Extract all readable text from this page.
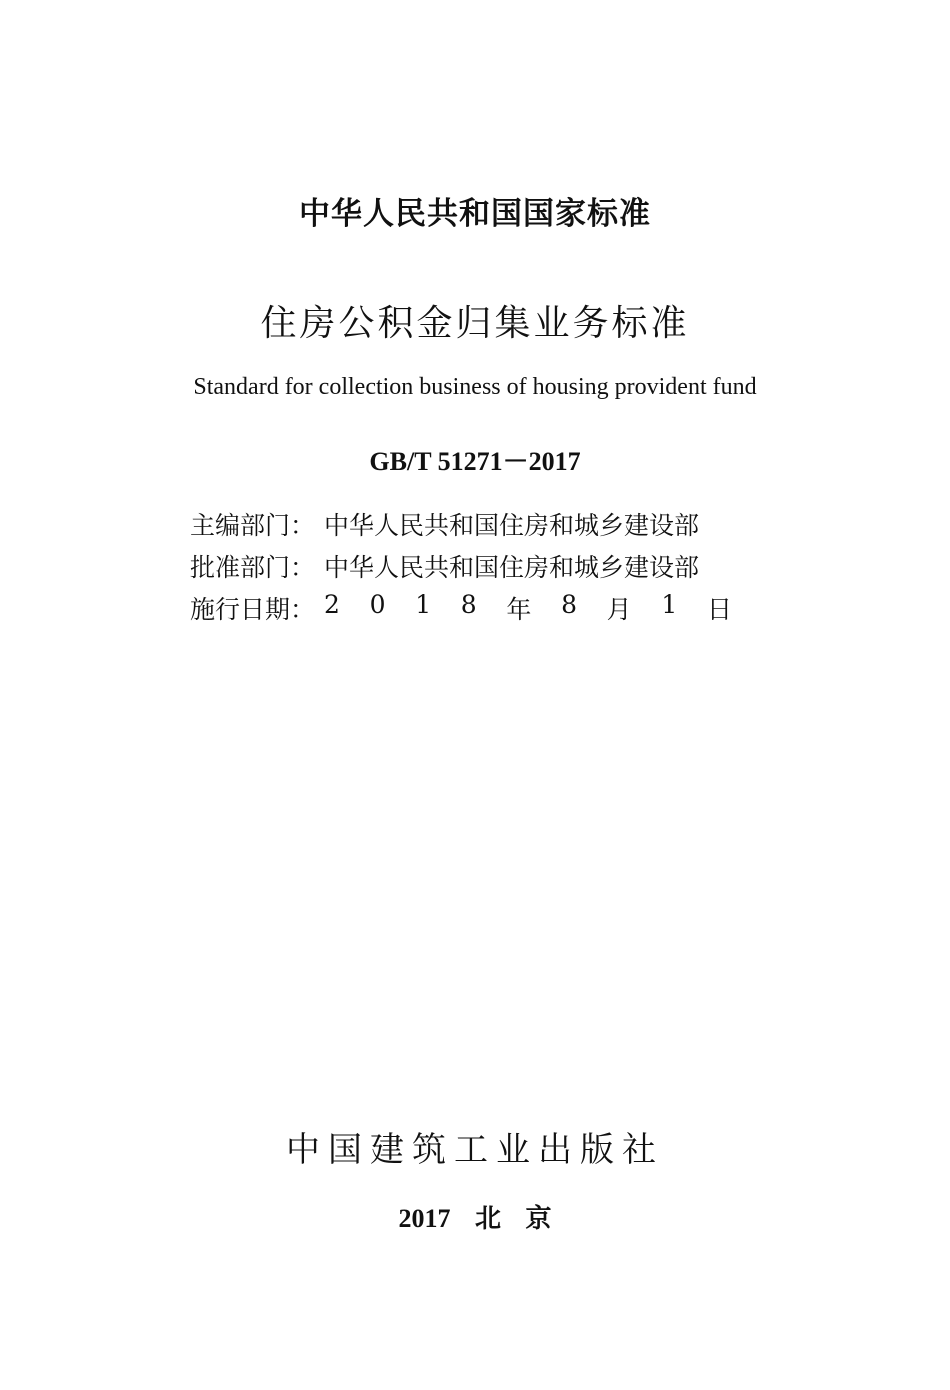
中华人民共和国国家标准
住房公积金归集业务标准
Standard for collection business of housing provident fund
GB/T 51271－2017
主编部门： 中华人民共和国住房和城乡建设部
批准部门： 中华人民共和国住房和城乡建设部
施行日期： 2 0 1 8 年 8 月 1 日
中国建筑工业出版社
2017 北 京
